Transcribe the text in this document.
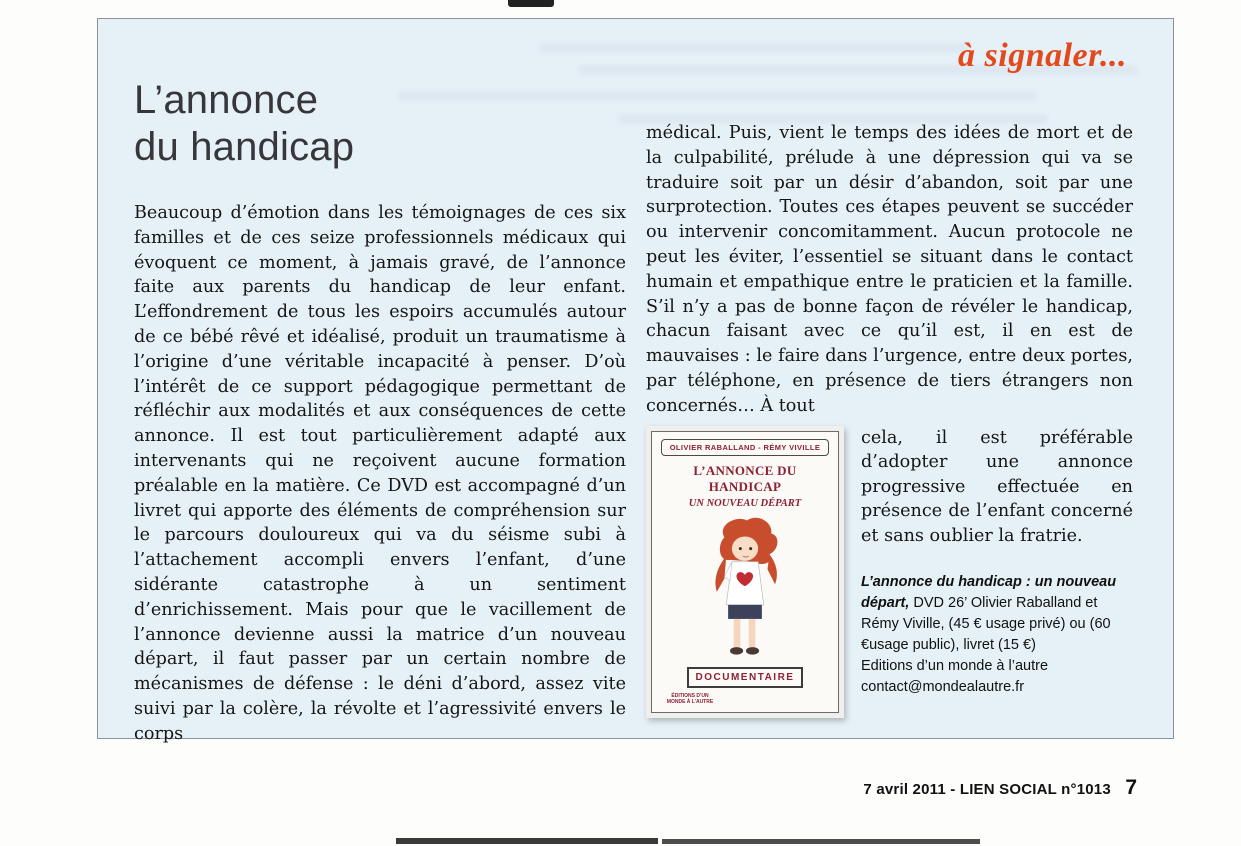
à signaler...
L’annonce
du handicap
Beaucoup d’émotion dans les témoignages de ces six familles et de ces seize professionnels médicaux qui évoquent ce moment, à jamais gravé, de l’annonce faite aux parents du handicap de leur enfant. L’effondrement de tous les espoirs accumulés autour de ce bébé rêvé et idéalisé, produit un traumatisme à l’origine d’une véritable incapacité à penser. D’où l’intérêt de ce support pédagogique permettant de réfléchir aux modalités et aux conséquences de cette annonce. Il est tout particulièrement adapté aux intervenants qui ne reçoivent aucune formation préalable en la matière. Ce DVD est accompagné d’un livret qui apporte des éléments de compréhension sur le parcours douloureux qui va du séisme subi à l’attachement accompli envers l’enfant, d’une sidérante catastrophe à un sentiment d’enrichissement. Mais pour que le vacillement de l’annonce devienne aussi la matrice d’un nouveau départ, il faut passer par un certain nombre de mécanismes de défense : le déni d’abord, assez vite suivi par la colère, la révolte et l’agressivité envers le corps

médical. Puis, vient le temps des idées de mort et de la culpabilité, prélude à une dépression qui va se traduire soit par un désir d’abandon, soit par une surprotection. Toutes ces étapes peuvent se succéder ou intervenir concomitamment. Aucun protocole ne peut les éviter, l’essentiel se situant dans le contact humain et empathique entre le praticien et la famille. S’il n’y a pas de bonne façon de révéler le handicap, chacun faisant avec ce qu’il est, il en est de mauvaises : le faire dans l’urgence, entre deux portes, par téléphone, en présence de tiers étrangers non concernés… À tout

OLIVIER RABALLAND - RÉMY VIVILLE
L’ANNONCE DU HANDICAP
UN NOUVEAU DÉPART
DOCUMENTAIRE
ÉDITIONS D’UN MONDE À L’AUTRE

cela, il est préférable d’adopter une annonce progressive effectuée en présence de l’enfant concerné et sans oublier la fratrie.

L’annonce du handicap : un nouveau départ, DVD 26’ Olivier Raballand et Rémy Viville, (45 € usage privé) ou (60 €usage public), livret (15 €)
Editions d’un monde à l’autre
contact@mondealautre.fr
7 avril 2011 - LIEN SOCIAL n°1013 7
